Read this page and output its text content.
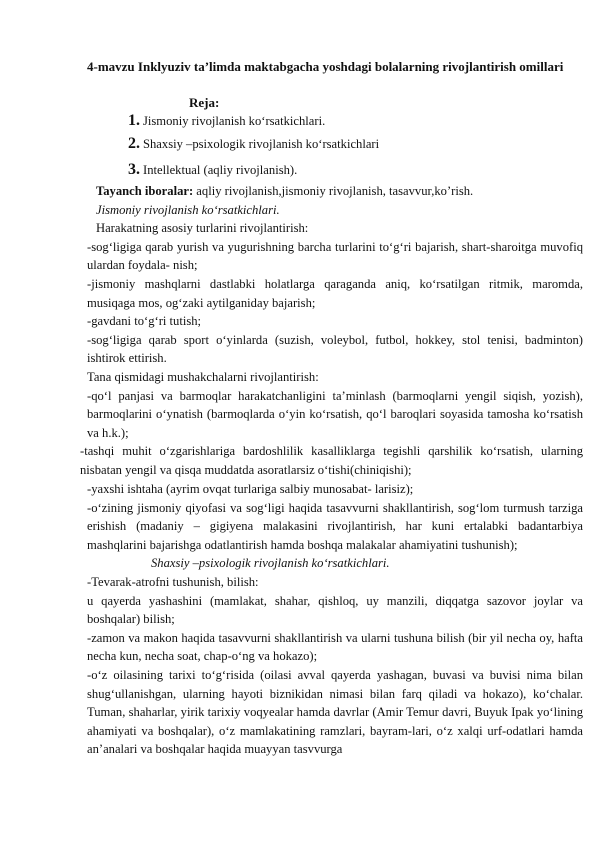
4-mavzu Inklyuziv ta’limda maktabgacha yoshdagi bolalarning rivojlantirish omillari
Reja:
1. Jismoniy rivojlanish ko‘rsatkichlari.
2. Shaxsiy –psixologik rivojlanish ko‘rsatkichlari
3. Intellektual (aqliy rivojlanish).

Tayanch iboralar: aqliy rivojlanish,jismoniy rivojlanish, tasavvur,ko’rish.

Jismoniy rivojlanish ko‘rsatkichlari.

Harakatning asosiy turlarini rivojlantirish:

-sog‘ligiga qarab yurish va yugurishning barcha turlarini to‘g‘ri bajarish, shart-sharoitga muvofiq ulardan foydala- nish;

-jismoniy mashqlarni dastlabki holatlarga qaraganda aniq, ko‘rsatilgan ritmik, maromda, musiqaga mos, og‘zaki aytilganiday bajarish;

-gavdani to‘g‘ri tutish;

-sog‘ligiga qarab sport o‘yinlarda (suzish, voleybol, futbol, hokkey, stol tenisi, badminton) ishtirok ettirish.

Tana qismidagi mushakchalarni rivojlantirish:

-qo‘l panjasi va barmoqlar harakatchanligini ta’minlash (barmoqlarni yengil siqish, yozish), barmoqlarini o‘ynatish (barmoqlarda o‘yin ko‘rsatish, qo‘l baroqlari soyasida tamosha ko‘rsatish va h.k.);

-tashqi muhit o‘zgarishlariga bardoshlilik kasalliklarga tegishli qarshilik ko‘rsatish, ularning nisbatan yengil va qisqa muddatda asoratlarsiz o‘tishi(chiniqishi);

-yaxshi ishtaha (ayrim ovqat turlariga salbiy munosabat- larisiz);

-o‘zining jismoniy qiyofasi va sog‘ligi haqida tasavvurni shakllantirish, sog‘lom turmush tarziga erishish (madaniy – gigiyena malakasini rivojlantirish, har kuni ertalabki badantarbiya mashqlarini bajarishga odatlantirish hamda boshqa malakalar ahamiyatini tushunish);

Shaxsiy –psixologik rivojlanish ko‘rsatkichlari.

-Tevarak-atrofni tushunish, bilish:

u qayerda yashashini (mamlakat, shahar, qishloq, uy manzili, diqqatga sazovor joylar va boshqalar) bilish;

-zamon va makon haqida tasavvurni shakllantirish va ularni tushuna bilish (bir yil necha oy, hafta necha kun, necha soat, chap-o‘ng va hokazo);

-o‘z oilasining tarixi to‘g‘risida (oilasi avval qayerda yashagan, buvasi va buvisi nima bilan shug‘ullanishgan, ularning hayoti biznikidan nimasi bilan farq qiladi va hokazo), ko‘chalar. Tuman, shaharlar, yirik tarixiy voqyealar hamda davrlar (Amir Temur davri, Buyuk Ipak yo‘lining ahamiyati va boshqalar), o‘z mamlakatining ramzlari, bayram-lari, o‘z xalqi urf-odatlari hamda an’analari va boshqalar haqida muayyan tasvvurga
